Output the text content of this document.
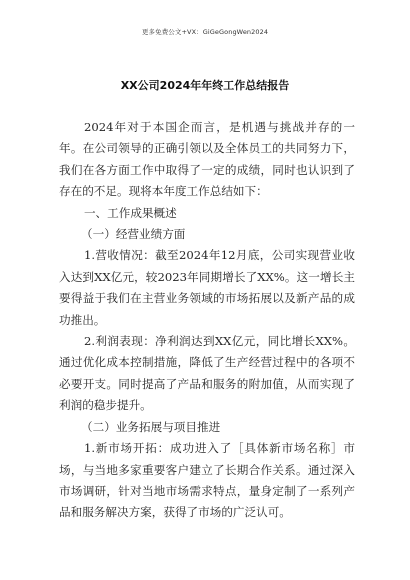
更多免费公文+VX：GiGeGongWen2024
XX公司2024年年终工作总结报告

2024年对于本国企而言，是机遇与挑战并存的一年。在公司领导的正确引领以及全体员工的共同努力下，我们在各方面工作中取得了一定的成绩，同时也认识到了存在的不足。现将本年度工作总结如下：

一、工作成果概述

（一）经营业绩方面

1.营收情况：截至2024年12月底，公司实现营业收入达到XX亿元，较2023年同期增长了XX%。这一增长主要得益于我们在主营业务领域的市场拓展以及新产品的成功推出。

2.利润表现：净利润达到XX亿元，同比增长XX%。通过优化成本控制措施，降低了生产经营过程中的各项不必要开支。同时提高了产品和服务的附加值，从而实现了利润的稳步提升。

（二）业务拓展与项目推进

1.新市场开拓：成功进入了［具体新市场名称］市场，与当地多家重要客户建立了长期合作关系。通过深入市场调研，针对当地市场需求特点，量身定制了一系列产品和服务解决方案，获得了市场的广泛认可。
